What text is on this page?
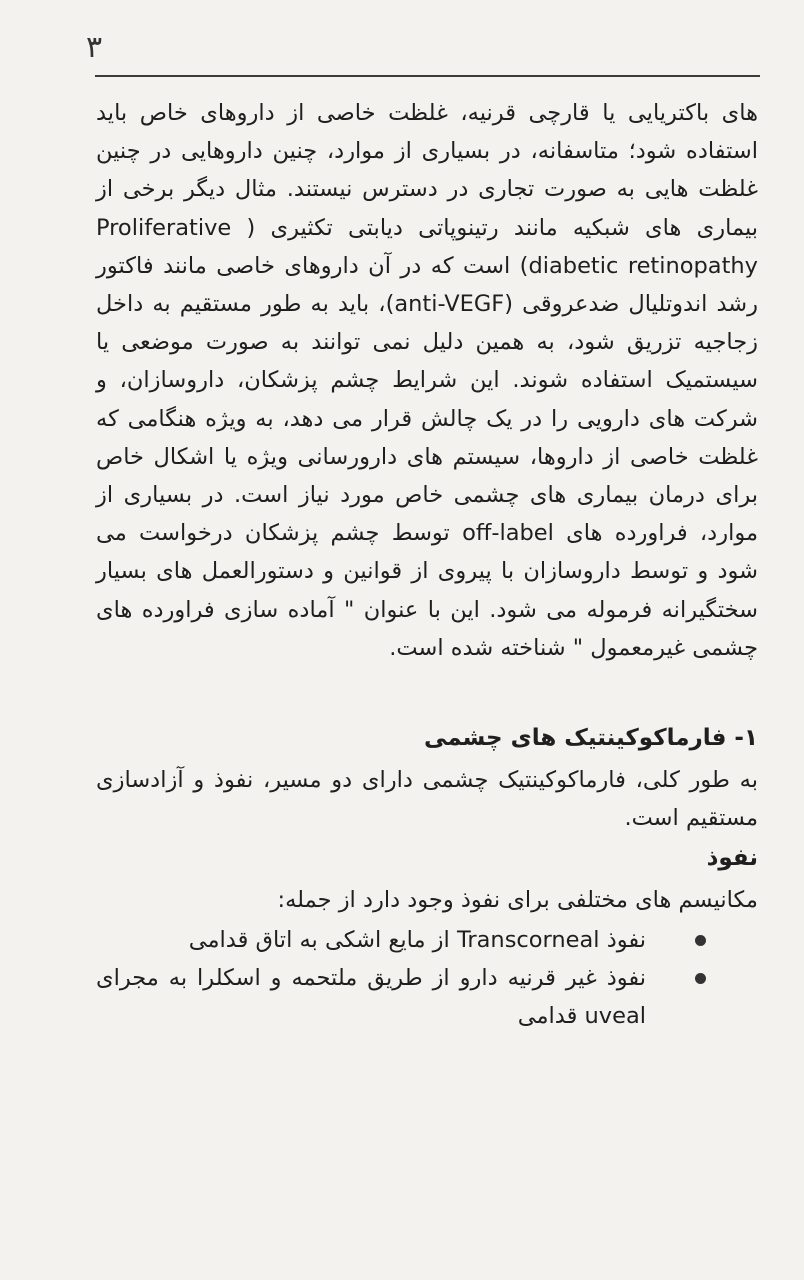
۳

های باکتریایی یا قارچی قرنیه، غلظت خاصی از داروهای خاص باید استفاده شود؛ متاسفانه، در بسیاری از موارد، چنین داروهایی در چنین غلظت هایی به صورت تجاری در دسترس نیستند. مثال دیگر برخی از بیماری های شبکیه مانند رتینوپاتی دیابتی تکثیری ( Proliferative diabetic retinopathy) است که در آن داروهای خاصی مانند فاکتور رشد اندوتلیال ضدعروقی (anti-VEGF)، باید به طور مستقیم به داخل زجاجیه تزریق شود، به همین دلیل نمی توانند به صورت موضعی یا سیستمیک استفاده شوند. این شرایط چشم پزشکان، داروسازان، و شرکت های دارویی را در یک چالش قرار می دهد، به ویژه هنگامی که غلظت خاصی از داروها، سیستم های دارورسانی ویژه یا اشکال خاص برای درمان بیماری های چشمی خاص مورد نیاز است. در بسیاری از موارد، فراورده های off-label توسط چشم پزشکان درخواست می شود و توسط داروسازان با پیروی از قوانین و دستورالعمل های بسیار سختگیرانه فرموله می شود. این با عنوان " آماده سازی فراورده های چشمی غیرمعمول " شناخته شده است.

۱- فارماکوکینتیک های چشمی

به طور کلی، فارماکوکینتیک چشمی دارای دو مسیر، نفوذ و آزادسازی مستقیم است.

نفوذ

مکانیسم های مختلفی برای نفوذ وجود دارد از جمله:

نفوذ Transcorneal از مایع اشکی به اتاق قدامی
نفوذ غیر قرنیه دارو از طریق ملتحمه و اسکلرا به مجرای uveal قدامی
